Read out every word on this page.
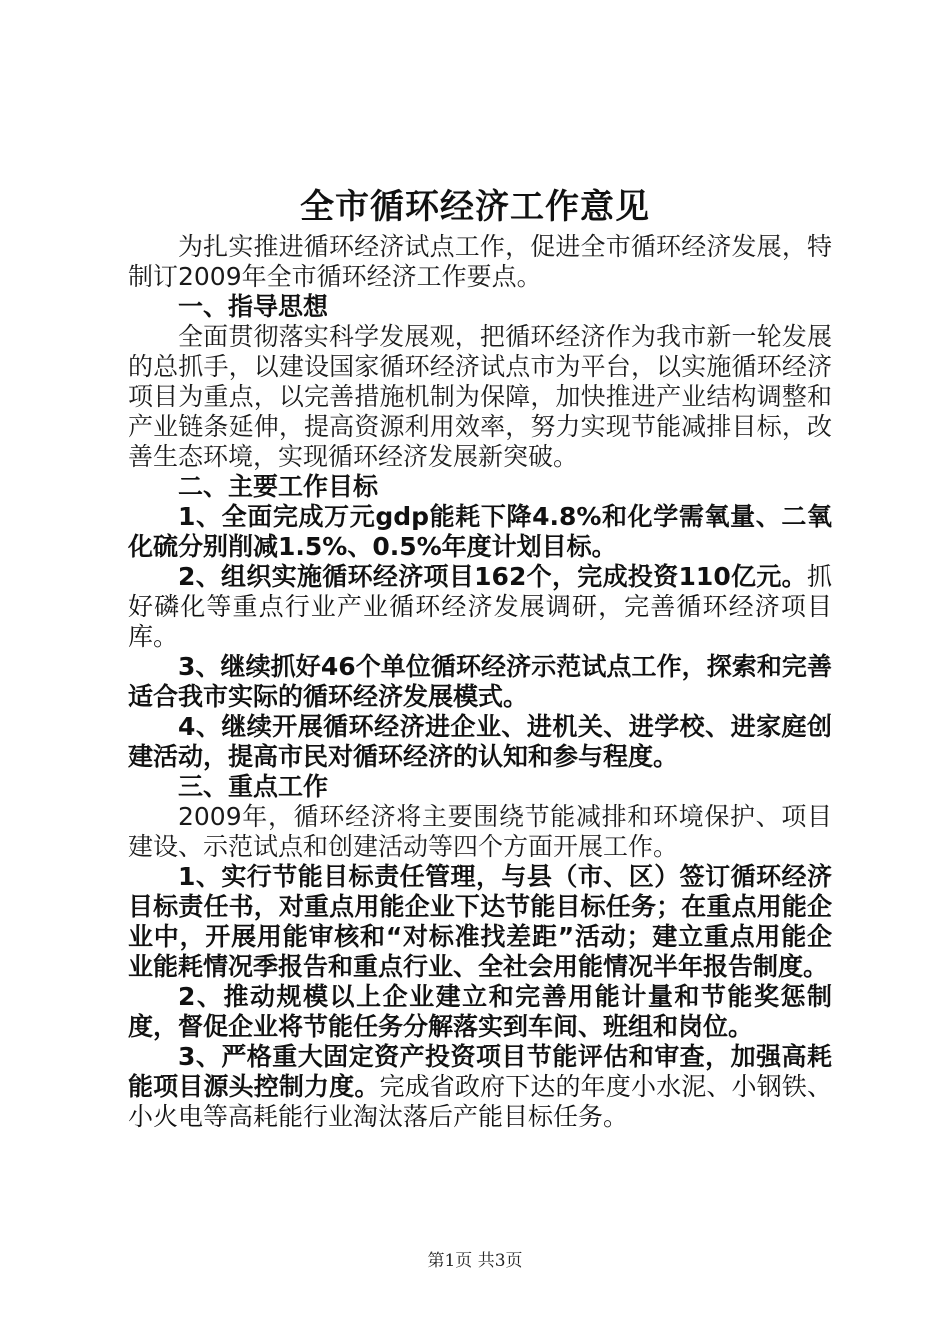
全市循环经济工作意见

为扎实推进循环经济试点工作，促进全市循环经济发展，特制订2009年全市循环经济工作要点。

一、指导思想

全面贯彻落实科学发展观，把循环经济作为我市新一轮发展的总抓手，以建设国家循环经济试点市为平台，以实施循环经济项目为重点，以完善措施机制为保障，加快推进产业结构调整和产业链条延伸，提高资源利用效率，努力实现节能减排目标，改善生态环境，实现循环经济发展新突破。

二、主要工作目标

1、全面完成万元gdp能耗下降4.8%和化学需氧量、二氧化硫分别削减1.5%、0.5%年度计划目标。

2、组织实施循环经济项目162个，完成投资110亿元。抓好磷化等重点行业产业循环经济发展调研，完善循环经济项目库。

3、继续抓好46个单位循环经济示范试点工作，探索和完善适合我市实际的循环经济发展模式。

4、继续开展循环经济进企业、进机关、进学校、进家庭创建活动，提高市民对循环经济的认知和参与程度。

三、重点工作

2009年，循环经济将主要围绕节能减排和环境保护、项目建设、示范试点和创建活动等四个方面开展工作。

1、实行节能目标责任管理，与县（市、区）签订循环经济目标责任书，对重点用能企业下达节能目标任务；在重点用能企业中，开展用能审核和“对标准找差距”活动；建立重点用能企业能耗情况季报告和重点行业、全社会用能情况半年报告制度。

2、推动规模以上企业建立和完善用能计量和节能奖惩制度，督促企业将节能任务分解落实到车间、班组和岗位。

3、严格重大固定资产投资项目节能评估和审查，加强高耗能项目源头控制力度。完成省政府下达的年度小水泥、小钢铁、小火电等高耗能行业淘汰落后产能目标任务。

第1页 共3页
